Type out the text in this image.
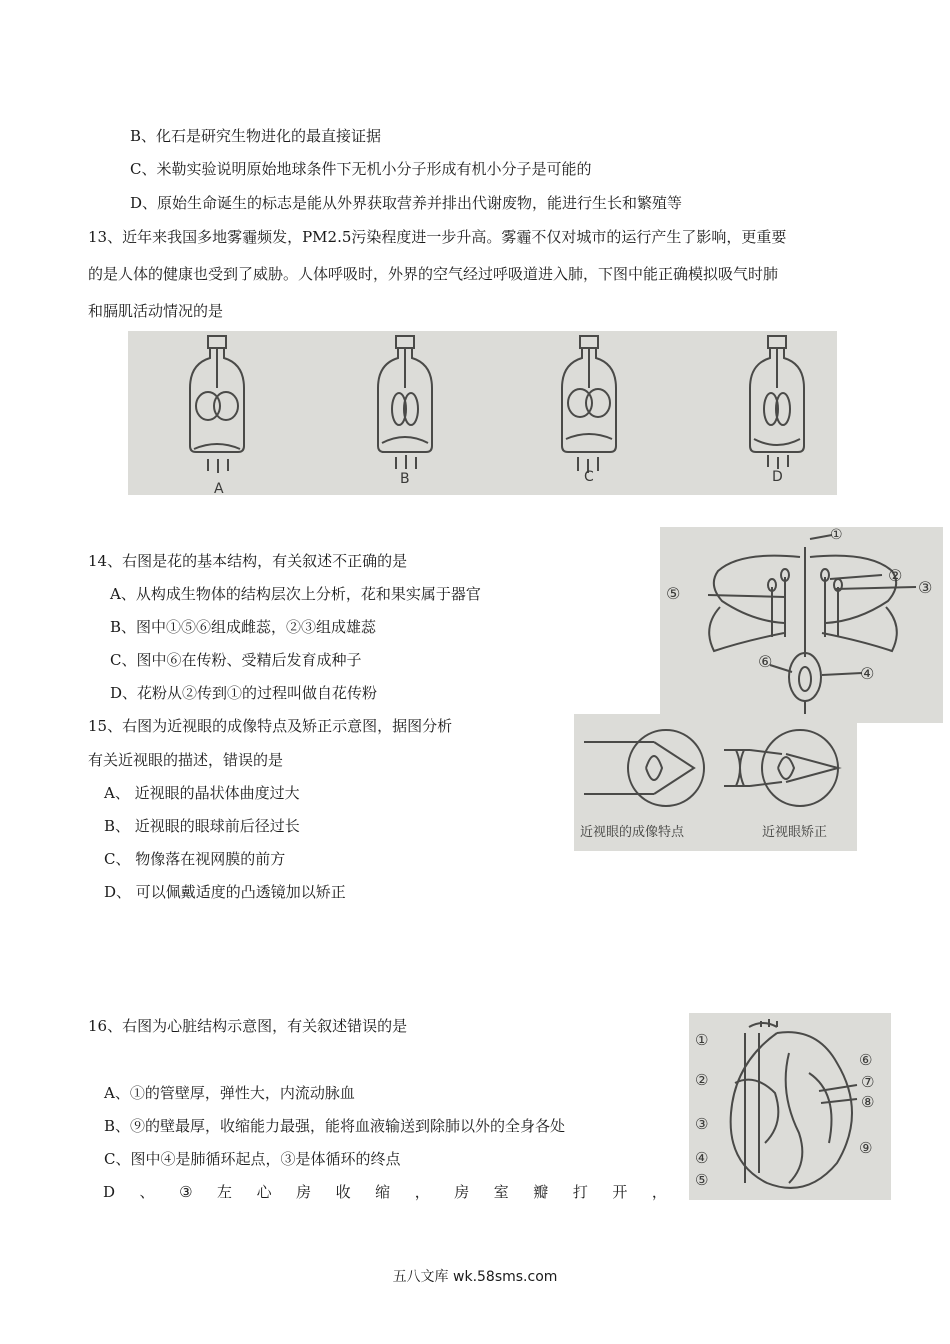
B、化石是研究生物进化的最直接证据
C、米勒实验说明原始地球条件下无机小分子形成有机小分子是可能的
D、原始生命诞生的标志是能从外界获取营养并排出代谢废物，能进行生长和繁殖等
13、近年来我国多地雾霾频发，PM2.5污染程度进一步升高。雾霾不仅对城市的运行产生了影响，更重要
的是人体的健康也受到了威胁。人体呼吸时，外界的空气经过呼吸道进入肺，下图中能正确模拟吸气时肺
和膈肌活动情况的是
A
B	C	D
14、右图是花的基本结构，有关叙述不正确的是
A、从构成生物体的结构层次上分析，花和果实属于器官
B、图中①⑤⑥组成雌蕊，②③组成雄蕊
C、图中⑥在传粉、受精后发育成种子
D、花粉从②传到①的过程叫做自花传粉
①
②
③
④
⑤
⑥
15、右图为近视眼的成像特点及矫正示意图，据图分析
有关近视眼的描述，错误的是
A、 近视眼的晶状体曲度过大
B、 近视眼的眼球前后径过长
C、 物像落在视网膜的前方
D、 可以佩戴适度的凸透镜加以矫正
近视眼的成像特点	近视眼矫正
16、右图为心脏结构示意图，有关叙述错误的是
A、①的管壁厚，弹性大，内流动脉血
B、⑨的壁最厚，收缩能力最强，能将血液输送到除肺以外的全身各处
C、图中④是肺循环起点，③是体循环的终点
D 、 ③ 左 心 房 收 缩 ， 房 室 瓣 打 开 ，
①
②
③
④
⑤
⑥
⑦
⑧
⑨
五八文库 wk.58sms.com
